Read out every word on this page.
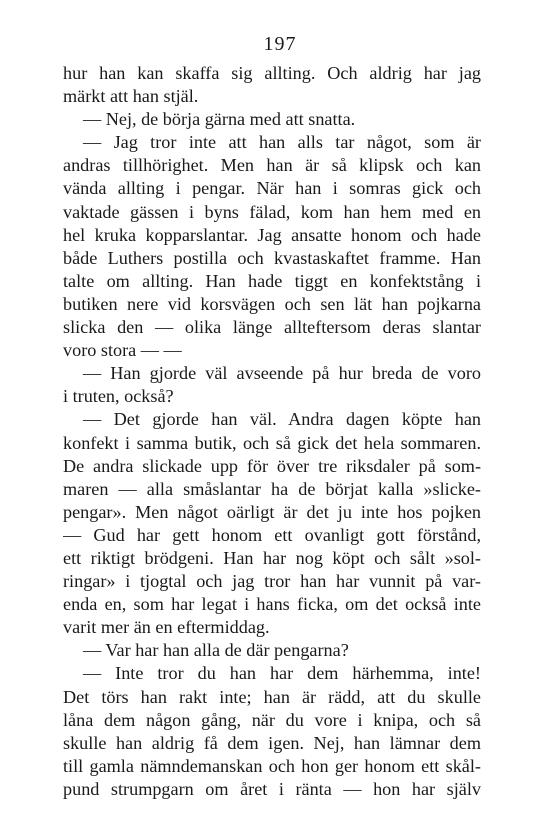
197
hur han kan skaffa sig allting. Och aldrig har jag
märkt att han stjäl.
— Nej, de börja gärna med att snatta.
— Jag tror inte att han alls tar något, som är
andras tillhörighet. Men han är så klipsk och kan
vända allting i pengar. När han i somras gick och
vaktade gässen i byns fälad, kom han hem med en
hel kruka kopparslantar. Jag ansatte honom och hade
både Luthers postilla och kvastaskaftet framme. Han
talte om allting. Han hade tiggt en konfektstång i
butiken nere vid korsvägen och sen lät han pojkarna
slicka den — olika länge allteftersom deras slantar
voro stora — —
— Han gjorde väl avseende på hur breda de voro
i truten, också?
— Det gjorde han väl. Andra dagen köpte han
konfekt i samma butik, och så gick det hela sommaren.
De andra slickade upp för över tre riksdaler på som-
maren — alla småslantar ha de börjat kalla »slicke-
pengar». Men något oärligt är det ju inte hos pojken
— Gud har gett honom ett ovanligt gott förstånd,
ett riktigt brödgeni. Han har nog köpt och sålt »sol-
ringar» i tjogtal och jag tror han har vunnit på var-
enda en, som har legat i hans ficka, om det också inte
varit mer än en eftermiddag.
— Var har han alla de där pengarna?
— Inte tror du han har dem härhemma, inte!
Det törs han rakt inte; han är rädd, att du skulle
låna dem någon gång, när du vore i knipa, och så
skulle han aldrig få dem igen. Nej, han lämnar dem
till gamla nämndemanskan och hon ger honom ett skål-
pund strumpgarn om året i ränta — hon har själv
